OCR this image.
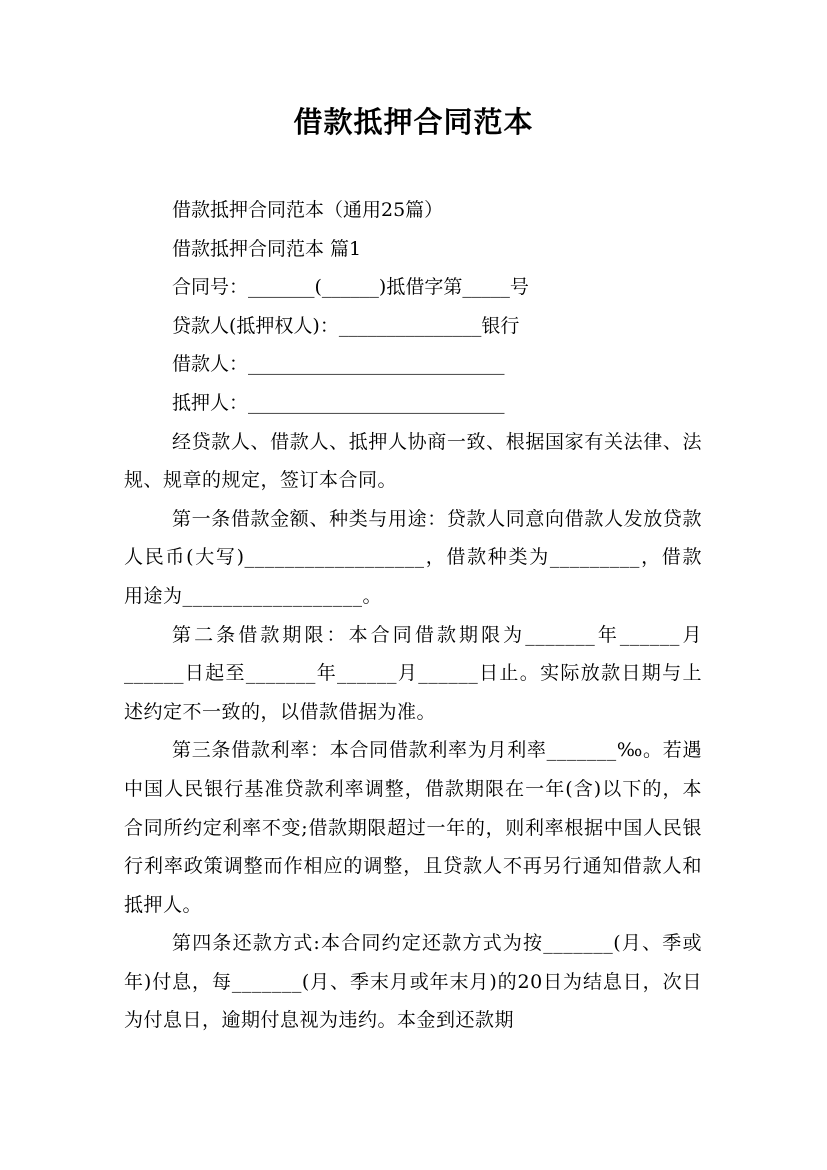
借款抵押合同范本

借款抵押合同范本（通用25篇）

借款抵押合同范本 篇1

合同号：_______(______)抵借字第_____号

贷款人(抵押权人)：_______________银行

借款人：___________________________

抵押人：___________________________

经贷款人、借款人、抵押人协商一致、根据国家有关法律、法规、规章的规定，签订本合同。

第一条借款金额、种类与用途：贷款人同意向借款人发放贷款人民币(大写)__________________，借款种类为_________，借款用途为__________________。

第二条借款期限：本合同借款期限为_______年______月______日起至_______年______月______日止。实际放款日期与上述约定不一致的，以借款借据为准。

第三条借款利率：本合同借款利率为月利率_______‰。若遇中国人民银行基准贷款利率调整，借款期限在一年(含)以下的，本合同所约定利率不变;借款期限超过一年的，则利率根据中国人民银行利率政策调整而作相应的调整，且贷款人不再另行通知借款人和抵押人。

第四条还款方式:本合同约定还款方式为按_______(月、季或年)付息，每_______(月、季末月或年末月)的20日为结息日，次日为付息日，逾期付息视为违约。本金到还款期
